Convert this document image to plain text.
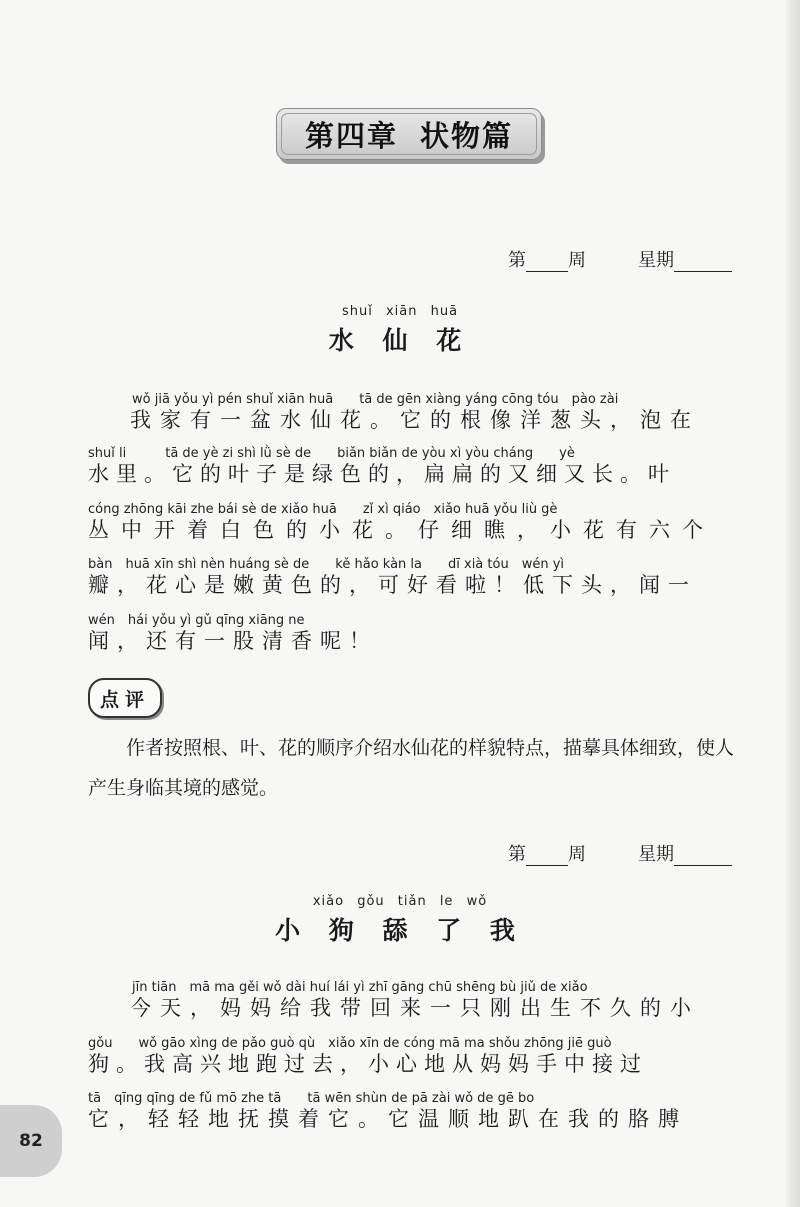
第四章 状物篇
第 周	星期
shuǐ xiān huā
水 仙 花
wǒ jiā yǒu yì pén shuǐ xiān huā　　tā de gēn xiàng yáng cōng tóu　pào zài
我家有一盆水仙花。它的根像洋葱头，泡在
shuǐ li　　　tā de yè zi shì lǜ sè de　　biǎn biǎn de yòu xì yòu cháng　　yè
水里。它的叶子是绿色的，扁扁的又细又长。叶
cóng zhōng kāi zhe bái sè de xiǎo huā　　zǐ xì qiáo　xiǎo huā yǒu liù gè
丛中开着白色的小花。仔细瞧，小花有六个
bàn　huā xīn shì nèn huáng sè de　　kě hǎo kàn la　　dī xià tóu　wén yì
瓣，花心是嫩黄色的，可好看啦！低下头，闻一
wén　hái yǒu yì gǔ qīng xiāng ne
闻，还有一股清香呢！
点评
作者按照根、叶、花的顺序介绍水仙花的样貌特点，描摹具体细致，使人产生身临其境的感觉。
第 周	星期
xiǎo gǒu tiǎn le wǒ
小 狗 舔 了 我
jīn tiān　mā ma gěi wǒ dài huí lái yì zhī gāng chū shēng bù jiǔ de xiǎo
今天，妈妈给我带回来一只刚出生不久的小
gǒu　　wǒ gāo xìng de pǎo guò qù　xiǎo xīn de cóng mā ma shǒu zhōng jiē guò
狗。我高兴地跑过去，小心地从妈妈手中接过
tā　qīng qīng de fǔ mō zhe tā　　tā wēn shùn de pā zài wǒ de gē bo
它，轻轻地抚摸着它。它温顺地趴在我的胳膊
82
